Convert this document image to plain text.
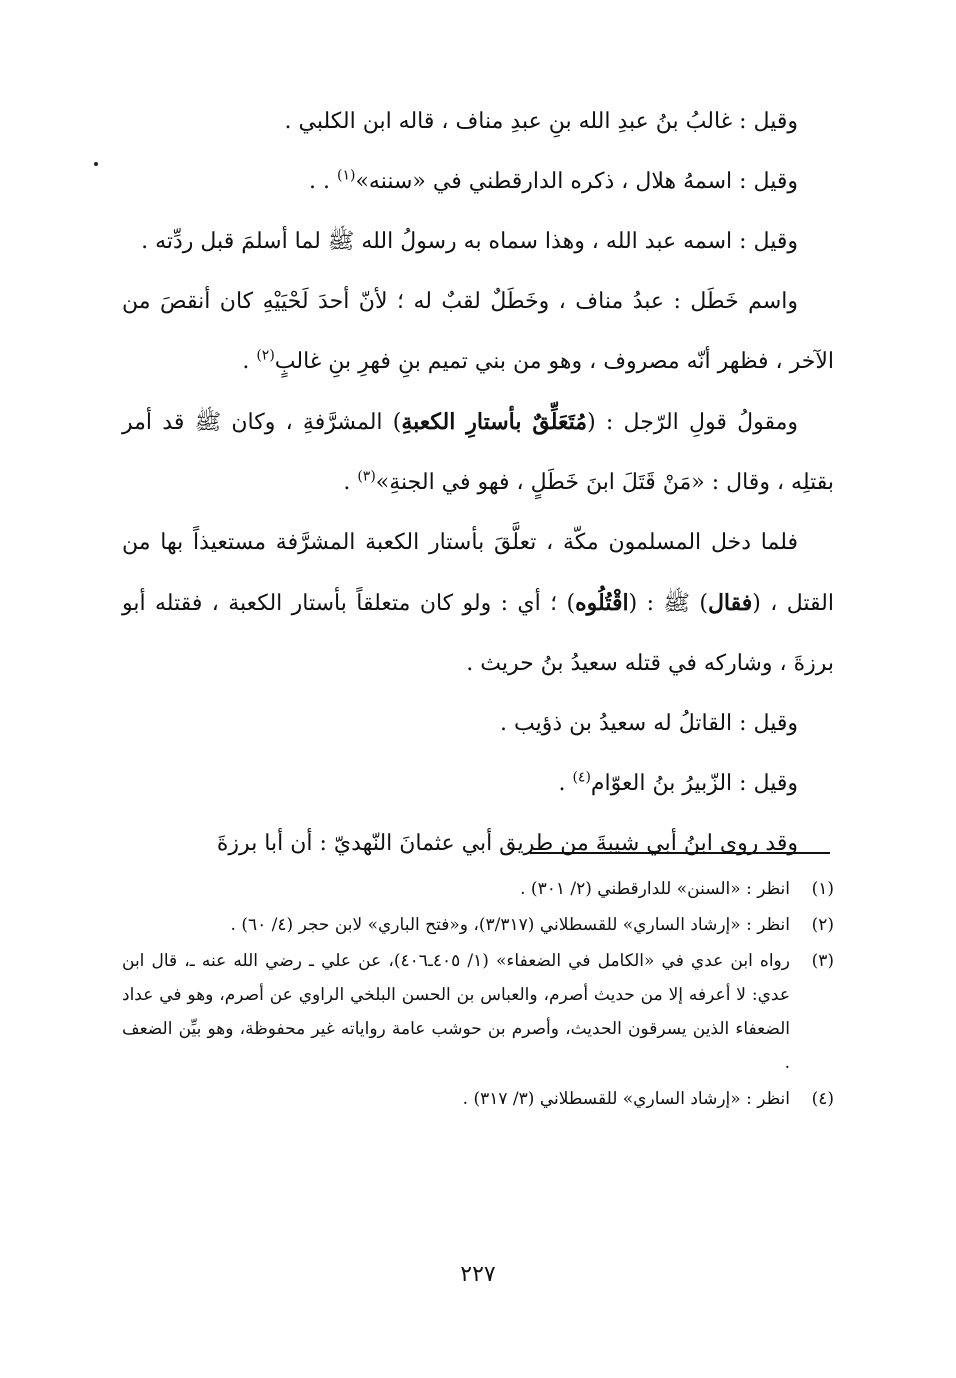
وقيل : غالبُ بنُ عبدِ الله بنِ عبدِ مناف ، قاله ابن الكلبي .

وقيل : اسمهُ هلال ، ذكره الدارقطني في «سننه»$^{(١)}$ . .

وقيل : اسمه عبد الله ، وهذا سماه به رسولُ الله ﷺ لما أسلمَ قبل ردِّته .

واسم خَطَل : عبدُ مناف ، وخَطَلٌ لقبٌ له ؛ لأنّ أحدَ لَحْيَيْهِ كان أنقصَ من الآخر ، فظهر أنّه مصروف ، وهو من بني تميم بنِ فهرِ بنِ غالبٍ$^{(٢)}$ .

ومقولُ قولِ الرّجل : (مُتَعَلِّقٌ بأستارِ الكعبةِ) المشرَّفةِ ، وكان ﷺ قد أمر بقتلِه ، وقال : «مَنْ قَتَلَ ابنَ خَطَلٍ ، فهو في الجنةِ»$^{(٣)}$ .

فلما دخل المسلمون مكّة ، تعلَّقَ بأستار الكعبة المشرَّفة مستعيذاً بها من القتل ، (فقال) ﷺ : (اقْتُلُوه) ؛ أي : ولو كان متعلقاً بأستار الكعبة ، فقتله أبو برزةَ ، وشاركه في قتله سعيدُ بنُ حريث .

وقيل : القاتلُ له سعيدُ بن ذؤيب .

وقيل : الزّبيرُ بنُ العوّام$^{(٤)}$ .

وقد روى ابنُ أبي شيبةَ من طريق أبي عثمانَ النّهديّ : أن أبا برزةَ

(١)
انظر : «السنن» للدارقطني (٢/ ٣٠١) .
(٢)
انظر : «إرشاد الساري» للقسطلاني (٣/٣١٧)، و«فتح الباري» لابن حجر (٤/ ٦٠) .
(٣)
رواه ابن عدي في «الكامل في الضعفاء» (١/ ٤٠٥ـ٤٠٦)، عن علي ـ رضي الله عنه ـ، قال ابن عدي: لا أعرفه إلا من حديث أصرم، والعباس بن الحسن البلخي الراوي عن أصرم، وهو في عداد الضعفاء الذين يسرقون الحديث، وأصرم بن حوشب عامة رواياته غير محفوظة، وهو بيِّن الضعف .
(٤)
انظر : «إرشاد الساري» للقسطلاني (٣/ ٣١٧) .
٢٢٧
